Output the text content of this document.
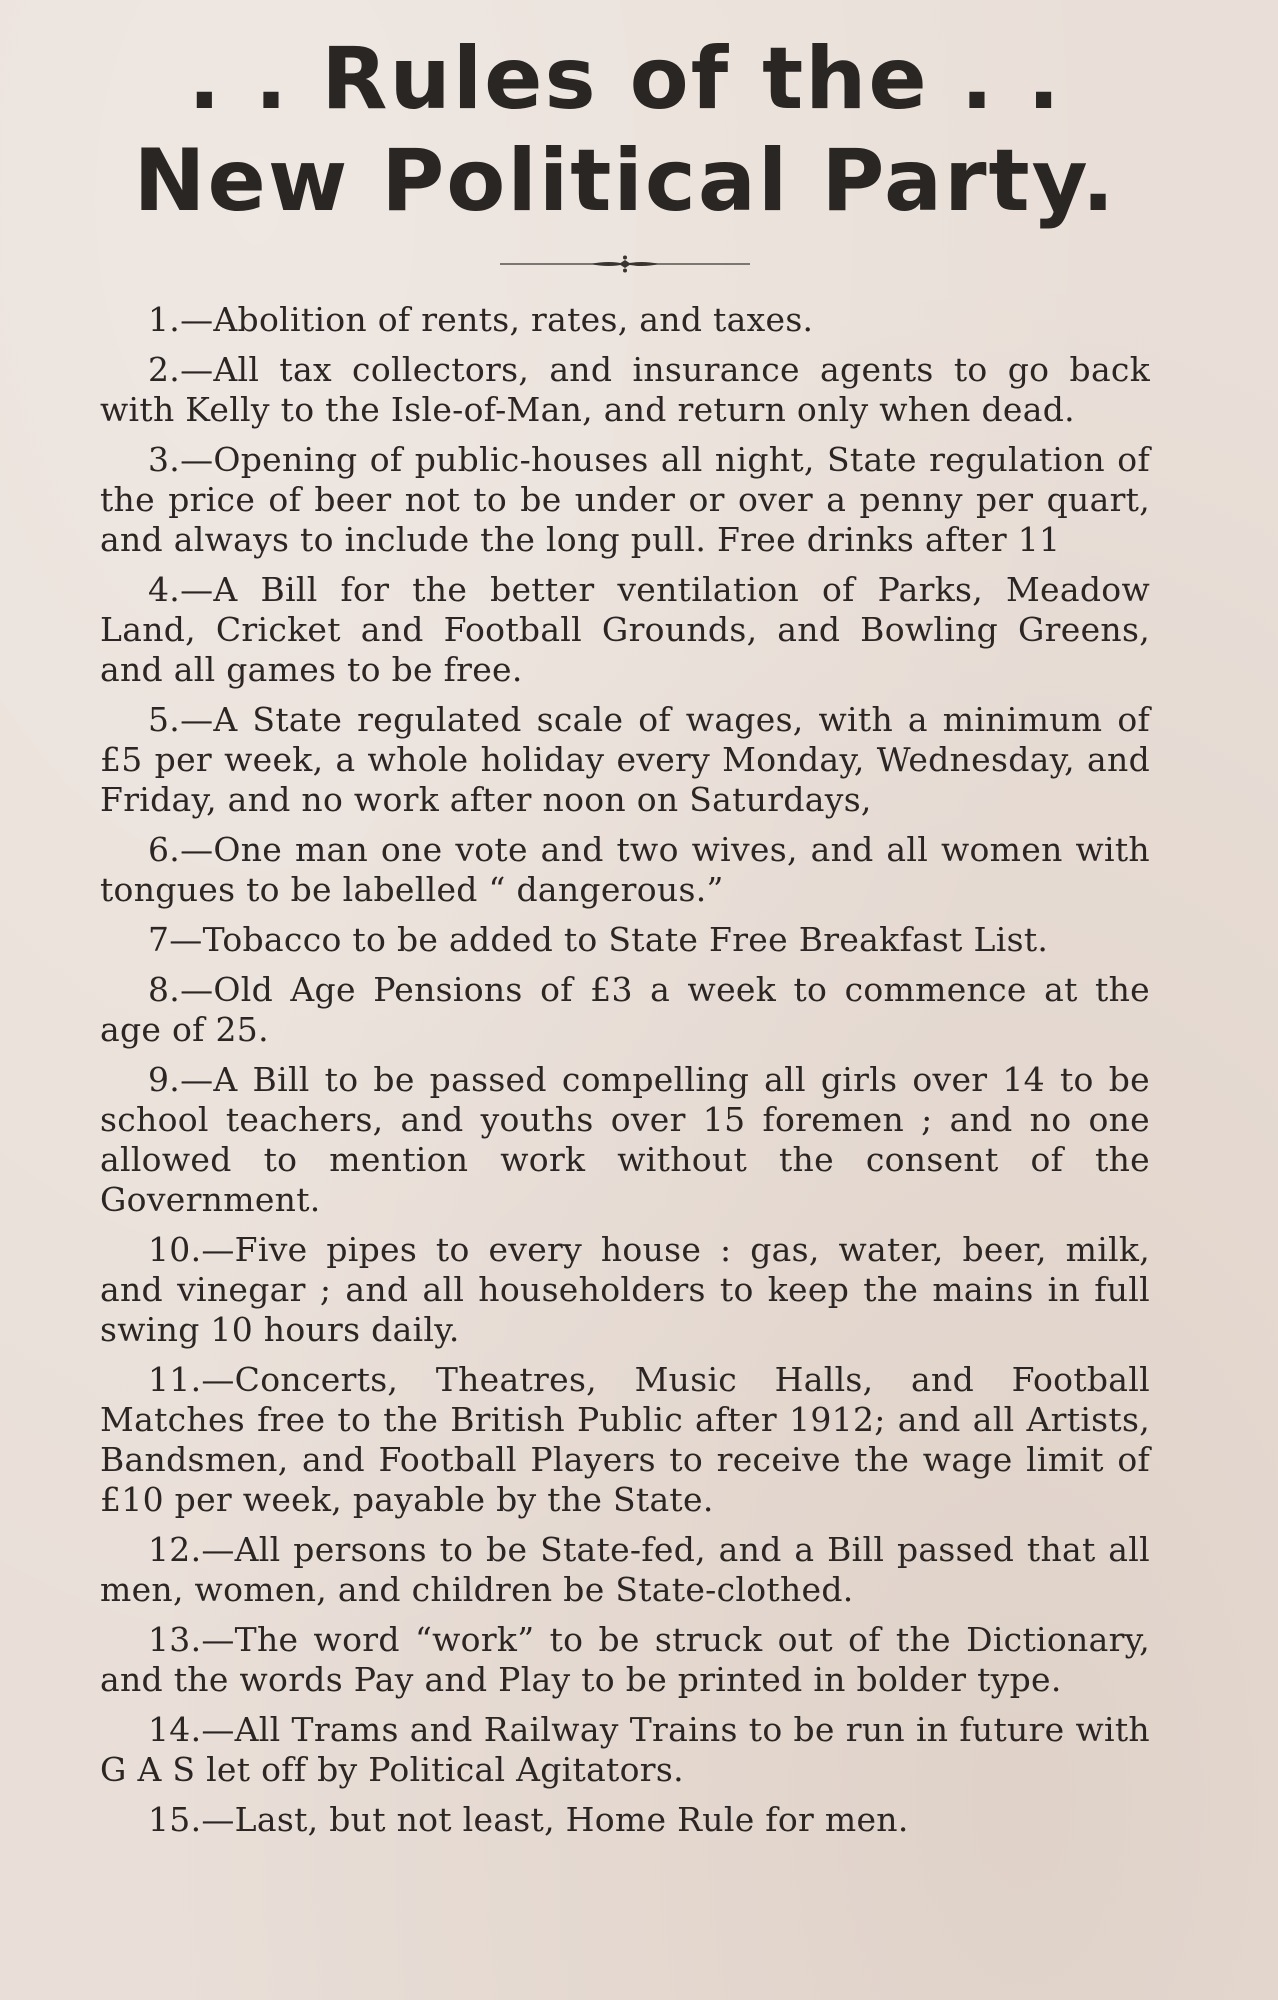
. . Rules of the . .
New Political Party.
1.—Abolition of rents, rates, and taxes.
2.—All tax collectors, and insurance agents to go back with Kelly to the Isle-of-Man, and return only when dead.
3.—Opening of public-houses all night, State regulation of the price of beer not to be under or over a penny per quart, and always to include the long pull. Free drinks after 11
4.—A Bill for the better ventilation of Parks, Meadow Land, Cricket and Football Grounds, and Bowling Greens, and all games to be free.
5.—A State regulated scale of wages, with a minimum of £5 per week, a whole holiday every Monday, Wednesday, and Friday, and no work after noon on Saturdays,
6.—One man one vote and two wives, and all women with tongues to be labelled “ dangerous.”
7—Tobacco to be added to State Free Breakfast List.
8.—Old Age Pensions of £3 a week to commence at the age of 25.
9.—A Bill to be passed compelling all girls over 14 to be school teachers, and youths over 15 foremen ; and no one allowed to mention work without the consent of the Government.
10.—Five pipes to every house : gas, water, beer, milk, and vinegar ; and all householders to keep the mains in full swing 10 hours daily.
11.—Concerts, Theatres, Music Halls, and Football Matches free to the British Public after 1912; and all Artists, Bandsmen, and Football Players to receive the wage limit of £10 per week, payable by the State.
12.—All persons to be State-fed, and a Bill passed that all men, women, and children be State-clothed.
13.—The word “work” to be struck out of the Dictionary, and the words Pay and Play to be printed in bolder type.
14.—All Trams and Railway Trains to be run in future with G A S let off by Political Agitators.
15.—Last, but not least, Home Rule for men.
